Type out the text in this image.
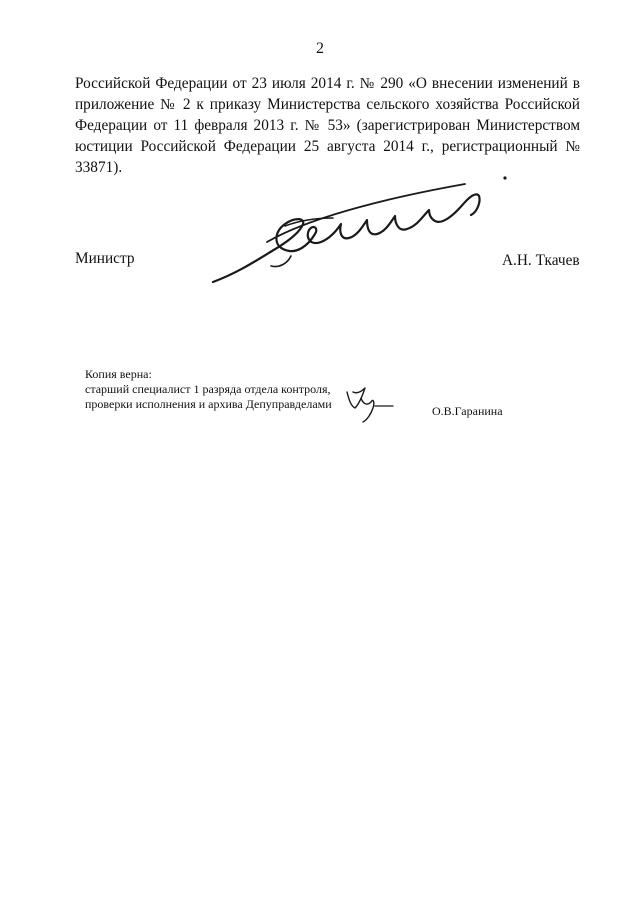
2

Российской Федерации от 23 июля 2014 г. № 290 «О внесении изменений в приложение № 2 к приказу Министерства сельского хозяйства Российской Федерации от 11 февраля 2013 г. № 53» (зарегистрирован Министерством юстиции Российской Федерации 25 августа 2014 г., регистрационный № 33871).

Министр	А.Н. Ткачев
Копия верна:
старший специалист 1 разряда отдела контроля,
проверки исполнения и архива Депуправделами	О.В.Гаранина
